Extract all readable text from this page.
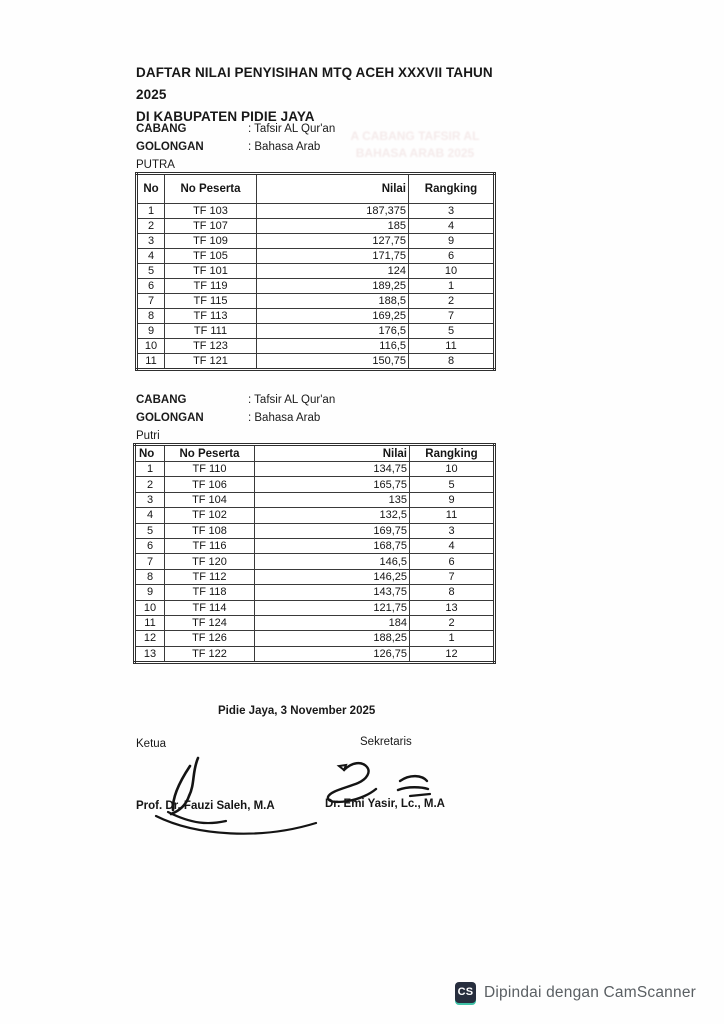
DAFTAR NILAI PENYISIHAN MTQ ACEH XXXVII TAHUN 2025
DI KABUPATEN PIDIE JAYA
A CABANG TAFSIR AL
BAHASA ARAB 2025
CABANG	: Tafsir AL Qur'an
GOLONGAN	: Bahasa Arab
PUTRA
No	No Peserta	Nilai	Rangking
1	TF 103	187,375	3
2	TF 107	185	4
3	TF 109	127,75	9
4	TF 105	171,75	6
5	TF 101	124	10
6	TF 119	189,25	1
7	TF 115	188,5	2
8	TF 113	169,25	7
9	TF 111	176,5	5
10	TF 123	116,5	11
11	TF 121	150,75	8
CABANG	: Tafsir AL Qur'an
GOLONGAN	: Bahasa Arab
Putri
No	No Peserta	Nilai	Rangking
1	TF 110	134,75	10
2	TF 106	165,75	5
3	TF 104	135	9
4	TF 102	132,5	11
5	TF 108	169,75	3
6	TF 116	168,75	4
7	TF 120	146,5	6
8	TF 112	146,25	7
9	TF 118	143,75	8
10	TF 114	121,75	13
11	TF 124	184	2
12	TF 126	188,25	1
13	TF 122	126,75	12
Pidie Jaya, 3 November 2025
Ketua	Sekretaris
Prof. Dr. Fauzi Saleh, M.A	Dr. Emi Yasir, Lc., M.A
CS Dipindai dengan CamScanner
